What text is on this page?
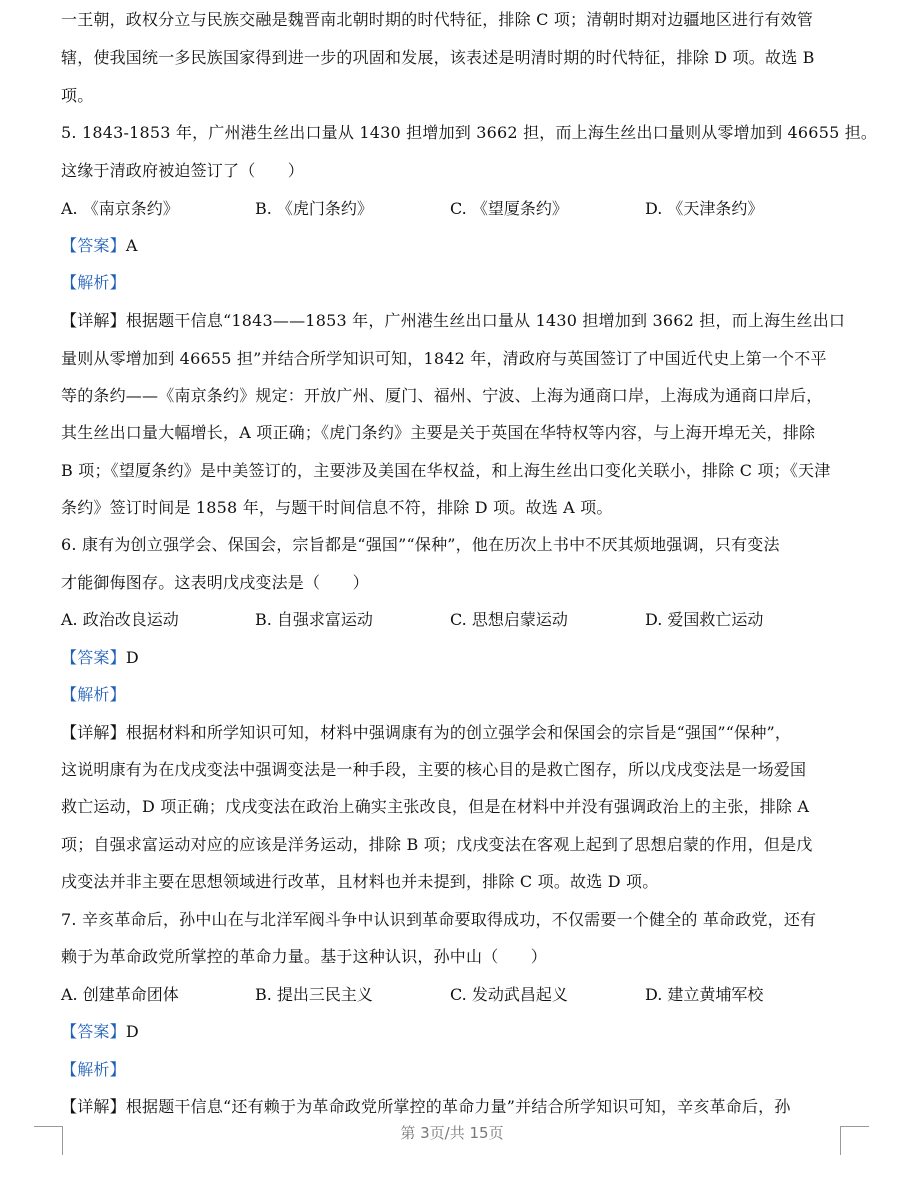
一王朝，政权分立与民族交融是魏晋南北朝时期的时代特征，排除 C 项；清朝时期对边疆地区进行有效管
辖，使我国统一多民族国家得到进一步的巩固和发展，该表述是明清时期的时代特征，排除 D 项。故选 B
项。
5. 1843-1853 年，广州港生丝出口量从 1430 担增加到 3662 担，而上海生丝出口量则从零增加到 46655 担。
这缘于清政府被迫签订了（　　）
A. 《南京条约》	B. 《虎门条约》	C. 《望厦条约》	D. 《天津条约》
【答案】A
【解析】
【详解】根据题干信息“1843——1853 年，广州港生丝出口量从 1430 担增加到 3662 担，而上海生丝出口
量则从零增加到 46655 担”并结合所学知识可知，1842 年，清政府与英国签订了中国近代史上第一个不平
等的条约——《南京条约》规定：开放广州、厦门、福州、宁波、上海为通商口岸，上海成为通商口岸后，
其生丝出口量大幅增长，A 项正确；《虎门条约》主要是关于英国在华特权等内容，与上海开埠无关，排除
B 项；《望厦条约》是中美签订的，主要涉及美国在华权益，和上海生丝出口变化关联小，排除 C 项；《天津
条约》签订时间是 1858 年，与题干时间信息不符，排除 D 项。故选 A 项。
6. 康有为创立强学会、保国会，宗旨都是“强国”“保种”，他在历次上书中不厌其烦地强调，只有变法
才能御侮图存。这表明戊戌变法是（　　）
A. 政治改良运动	B. 自强求富运动	C. 思想启蒙运动	D. 爱国救亡运动
【答案】D
【解析】
【详解】根据材料和所学知识可知，材料中强调康有为的创立强学会和保国会的宗旨是“强国”“保种”，
这说明康有为在戊戌变法中强调变法是一种手段，主要的核心目的是救亡图存，所以戊戌变法是一场爱国
救亡运动，D 项正确；戊戌变法在政治上确实主张改良，但是在材料中并没有强调政治上的主张，排除 A
项；自强求富运动对应的应该是洋务运动，排除 B 项；戊戌变法在客观上起到了思想启蒙的作用，但是戊
戌变法并非主要在思想领域进行改革，且材料也并未提到，排除 C 项。故选 D 项。
7. 辛亥革命后，孙中山在与北洋军阀斗争中认识到革命要取得成功，不仅需要一个健全的 革命政党，还有
赖于为革命政党所掌控的革命力量。基于这种认识，孙中山（　　）
A. 创建革命团体	B. 提出三民主义	C. 发动武昌起义	D. 建立黄埔军校
【答案】D
【解析】
【详解】根据题干信息“还有赖于为革命政党所掌控的革命力量”并结合所学知识可知，辛亥革命后，孙
第 3页/共 15页
